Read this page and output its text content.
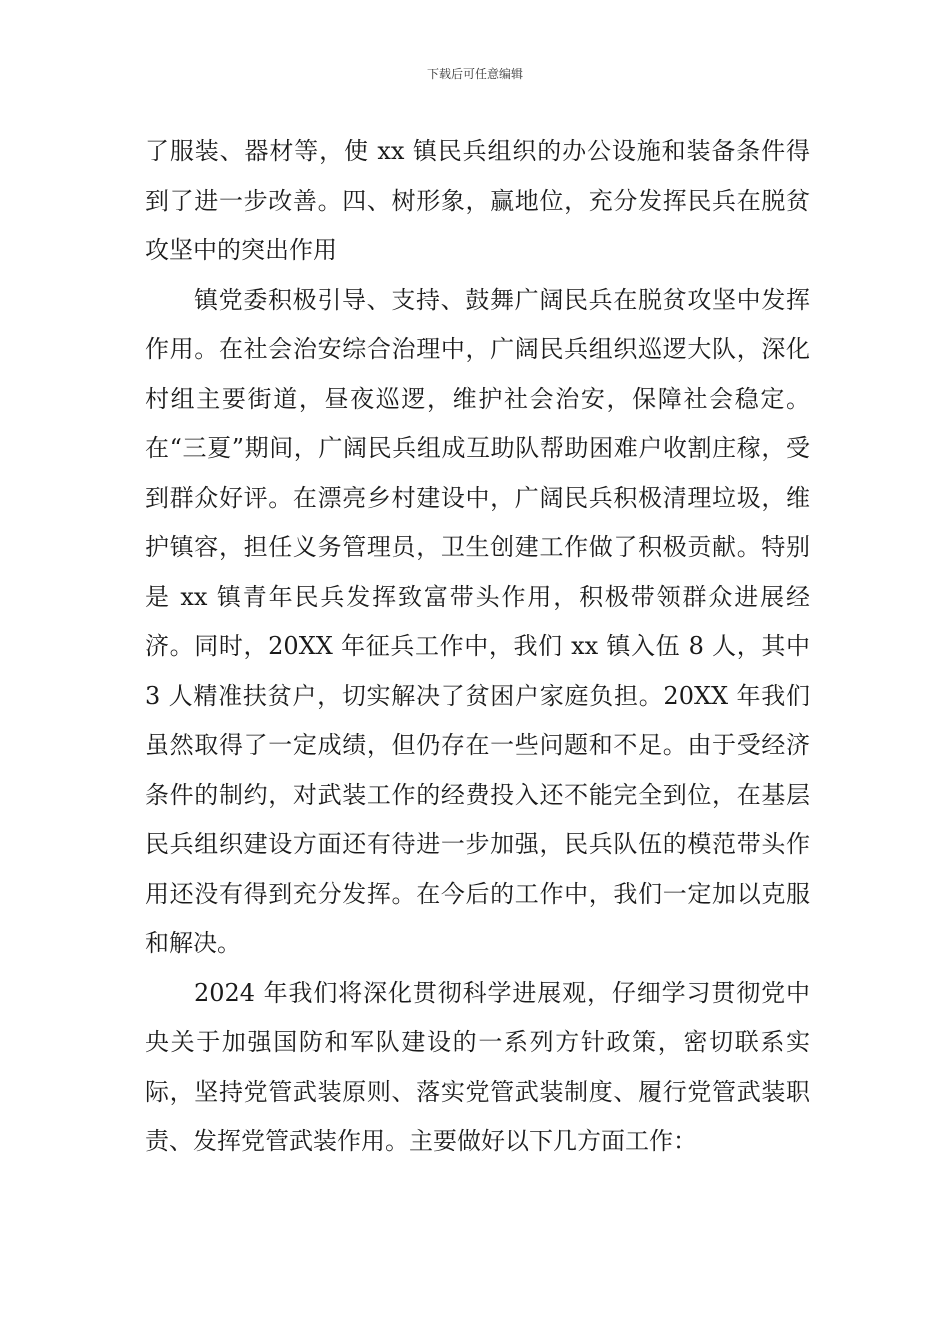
下载后可任意编辑

了服装、器材等，使 xx 镇民兵组织的办公设施和装备条件得到了进一步改善。四、树形象，赢地位，充分发挥民兵在脱贫攻坚中的突出作用

镇党委积极引导、支持、鼓舞广阔民兵在脱贫攻坚中发挥作用。在社会治安综合治理中，广阔民兵组织巡逻大队，深化村组主要街道，昼夜巡逻，维护社会治安，保障社会稳定。在“三夏”期间，广阔民兵组成互助队帮助困难户收割庄稼，受到群众好评。在漂亮乡村建设中，广阔民兵积极清理垃圾，维护镇容，担任义务管理员，卫生创建工作做了积极贡献。特别是 xx 镇青年民兵发挥致富带头作用，积极带领群众进展经济。同时，20XX 年征兵工作中，我们 xx 镇入伍 8 人，其中 3 人精准扶贫户，切实解决了贫困户家庭负担。20XX 年我们虽然取得了一定成绩，但仍存在一些问题和不足。由于受经济条件的制约，对武装工作的经费投入还不能完全到位，在基层民兵组织建设方面还有待进一步加强，民兵队伍的模范带头作用还没有得到充分发挥。在今后的工作中，我们一定加以克服和解决。

2024 年我们将深化贯彻科学进展观，仔细学习贯彻党中央关于加强国防和军队建设的一系列方针政策，密切联系实际，坚持党管武装原则、落实党管武装制度、履行党管武装职责、发挥党管武装作用。主要做好以下几方面工作：
